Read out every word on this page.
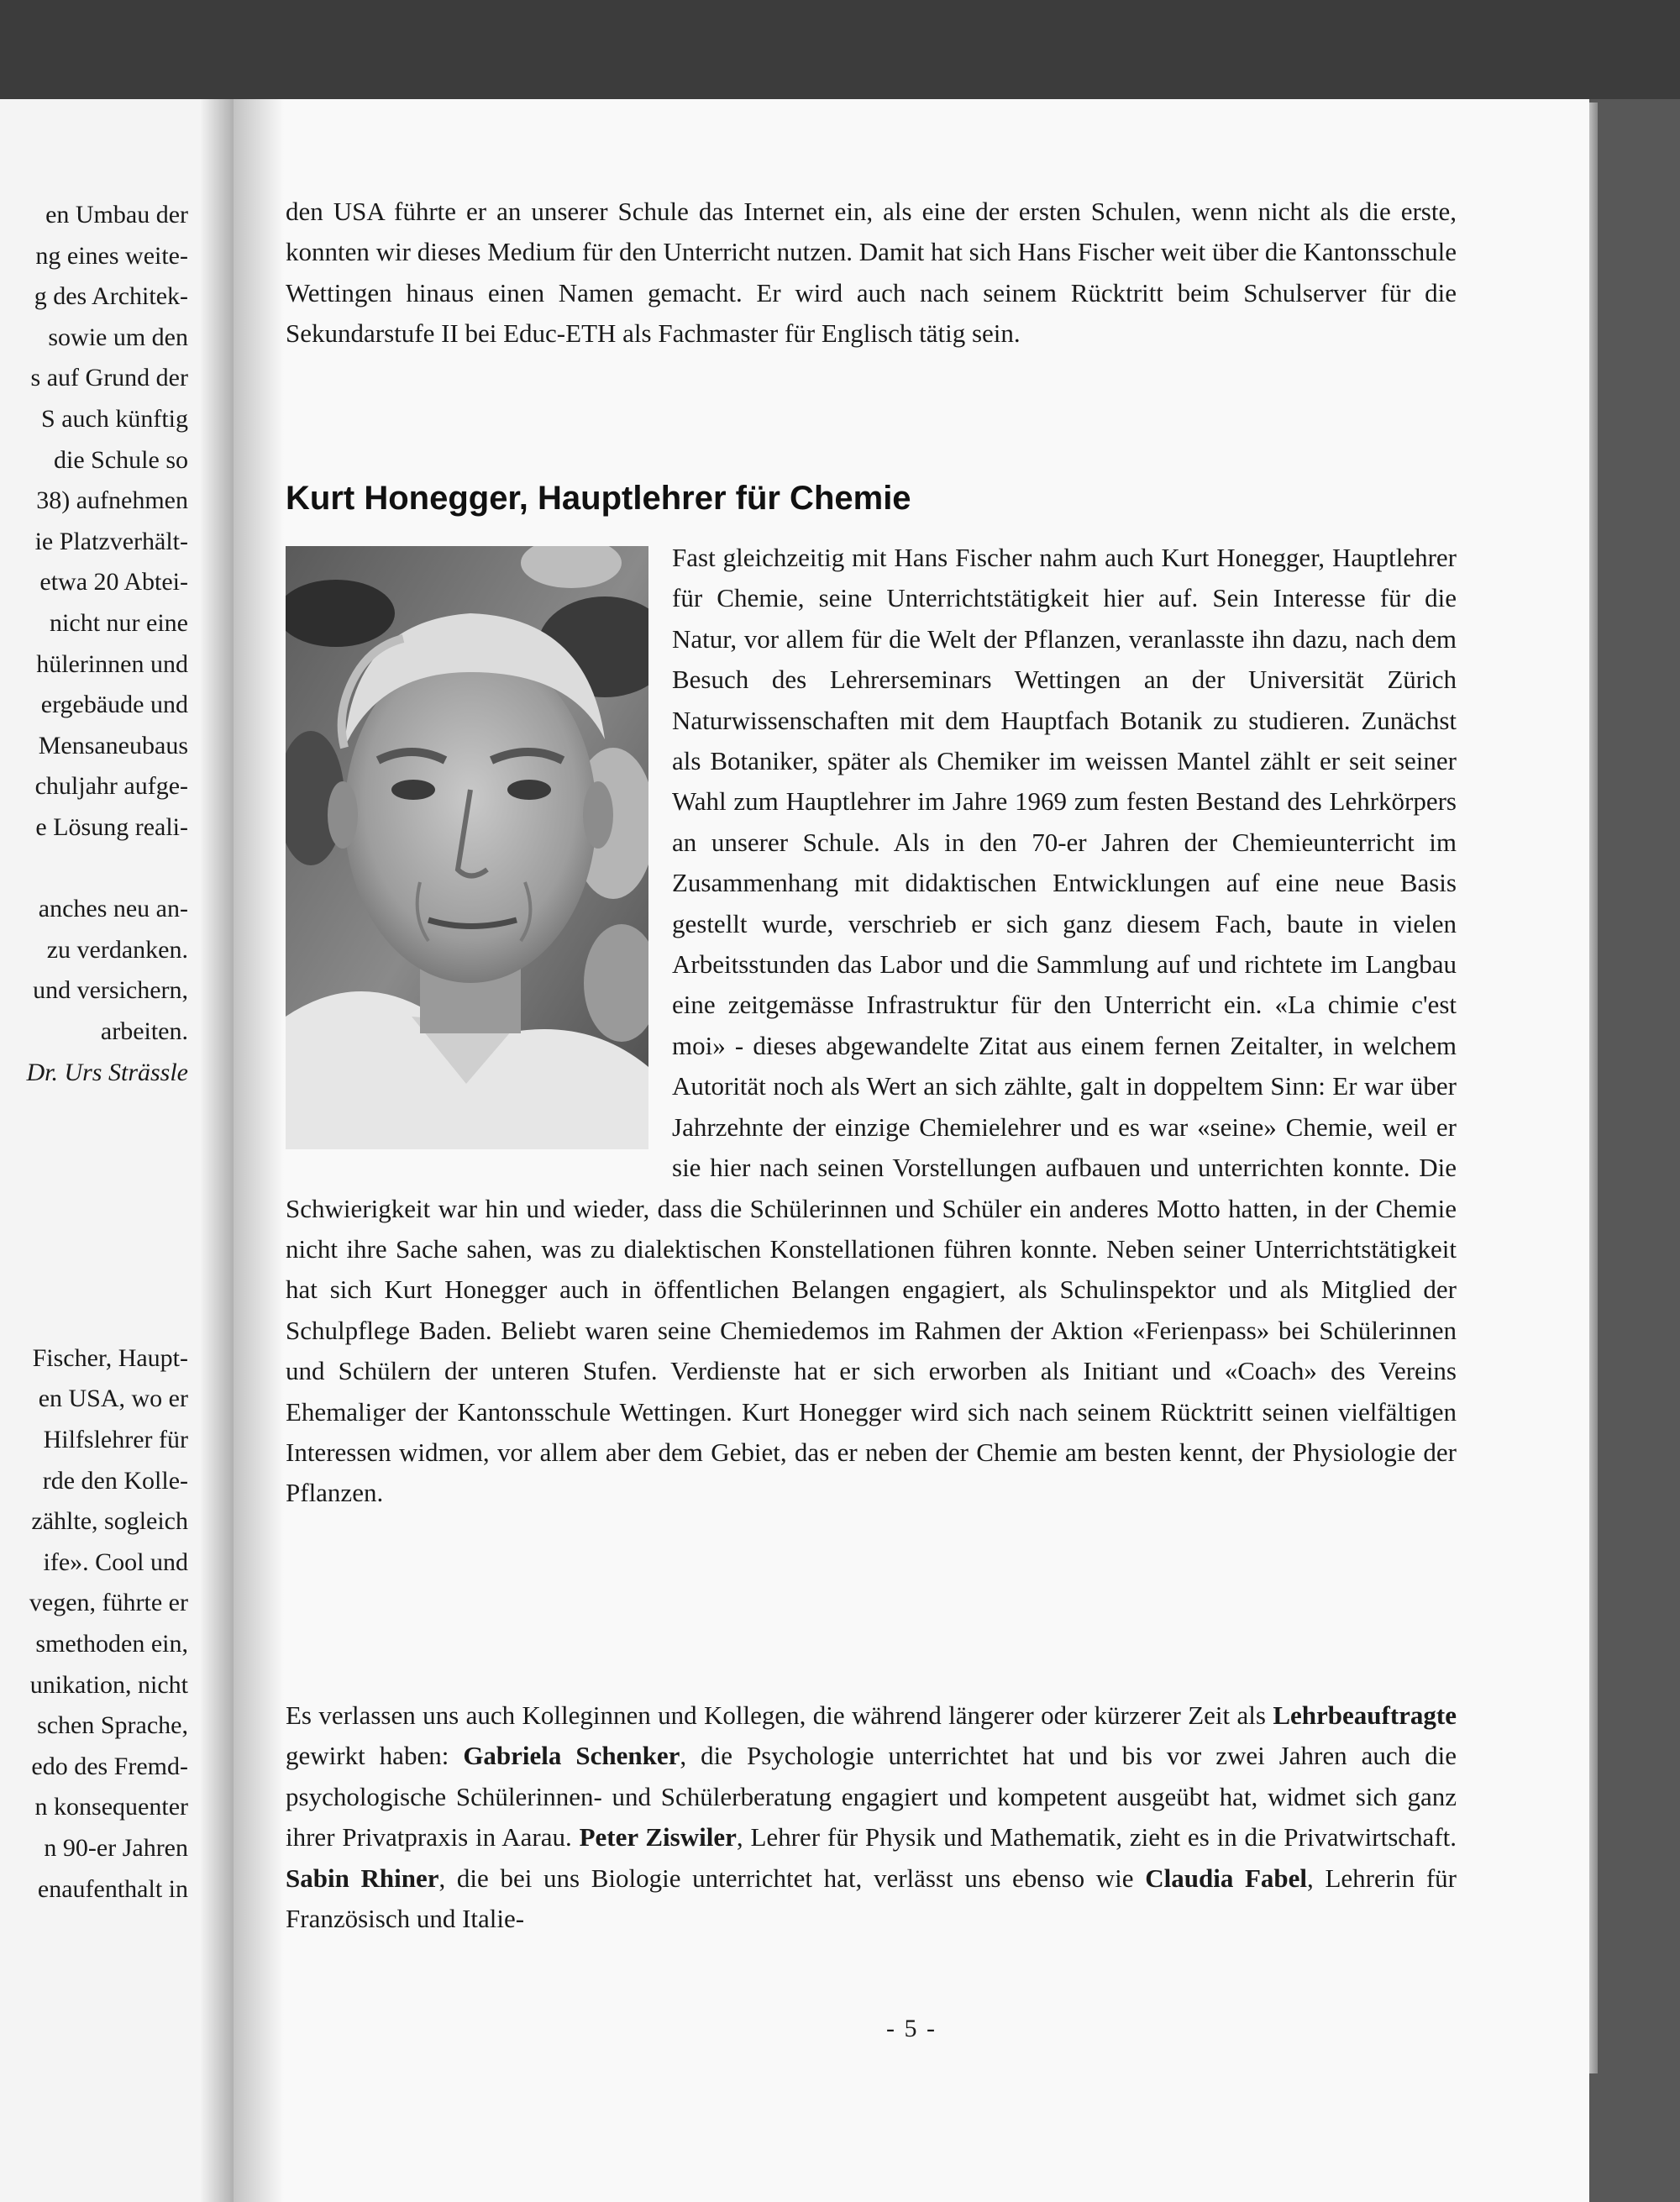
en Umbau der
ng eines weite-
g des Architek-
sowie um den
s auf Grund der
S auch künftig
die Schule so
38) aufnehmen
ie Platzverhält-
etwa 20 Abtei-
nicht nur eine
hülerinnen und
ergebäude und
Mensaneubaus
chuljahr aufge-
e Lösung reali-
anches neu an-
zu verdanken.
und versichern,
arbeiten.
Dr. Urs Strässle
Fischer, Haupt-
en USA, wo er
Hilfslehrer für
rde den Kolle-
zählte, sogleich
ife». Cool und
vegen, führte er
smethoden ein,
unikation, nicht
schen Sprache,
edo des Fremd-
n konsequenter
n 90-er Jahren
enaufenthalt in
den USA führte er an unserer Schule das Internet ein, als eine der ersten Schulen, wenn nicht als die erste, konnten wir dieses Medium für den Unterricht nutzen. Damit hat sich Hans Fischer weit über die Kantonsschule Wettingen hinaus einen Namen gemacht. Er wird auch nach seinem Rücktritt beim Schulserver für die Sekundarstufe II bei Educ-ETH als Fachmaster für Englisch tätig sein.
Kurt Honegger, Hauptlehrer für Chemie
Fast gleichzeitig mit Hans Fischer nahm auch Kurt Honegger, Hauptlehrer für Chemie, seine Unterrichtstätigkeit hier auf. Sein Interesse für die Natur, vor allem für die Welt der Pflanzen, veranlasste ihn dazu, nach dem Besuch des Lehrerseminars Wettingen an der Universität Zürich Naturwissenschaften mit dem Hauptfach Botanik zu studieren. Zunächst als Botaniker, später als Chemiker im weissen Mantel zählt er seit seiner Wahl zum Hauptlehrer im Jahre 1969 zum festen Bestand des Lehrkörpers an unserer Schule. Als in den 70-er Jahren der Chemieunterricht im Zusammenhang mit didaktischen Entwicklungen auf eine neue Basis gestellt wurde, verschrieb er sich ganz diesem Fach, baute in vielen Arbeitsstunden das Labor und die Sammlung auf und richtete im Langbau eine zeitgemässe Infrastruktur für den Unterricht ein. «La chimie c'est moi» - dieses abgewandelte Zitat aus einem fernen Zeitalter, in welchem Autorität noch als Wert an sich zählte, galt in doppeltem Sinn: Er war über Jahrzehnte der einzige Chemielehrer und es war «seine» Chemie, weil er sie hier nach seinen Vorstellungen aufbauen und unterrichten konnte. Die Schwierigkeit war hin und wieder, dass die Schülerinnen und Schüler ein anderes Motto hatten, in der Chemie nicht ihre Sache sahen, was zu dialektischen Konstellationen führen konnte. Neben seiner Unterrichtstätigkeit hat sich Kurt Honegger auch in öffentlichen Belangen engagiert, als Schulinspektor und als Mitglied der Schulpflege Baden. Beliebt waren seine Chemiedemos im Rahmen der Aktion «Ferienpass» bei Schülerinnen und Schülern der unteren Stufen. Verdienste hat er sich erworben als Initiant und «Coach» des Vereins Ehemaliger der Kantonsschule Wettingen. Kurt Honegger wird sich nach seinem Rücktritt seinen vielfältigen Interessen widmen, vor allem aber dem Gebiet, das er neben der Chemie am besten kennt, der Physiologie der Pflanzen.
Es verlassen uns auch Kolleginnen und Kollegen, die während längerer oder kürzerer Zeit als Lehrbeauftragte gewirkt haben: Gabriela Schenker, die Psychologie unterrichtet hat und bis vor zwei Jahren auch die psychologische Schülerinnen- und Schülerberatung engagiert und kompetent ausgeübt hat, widmet sich ganz ihrer Privatpraxis in Aarau. Peter Ziswiler, Lehrer für Physik und Mathematik, zieht es in die Privatwirtschaft. Sabin Rhiner, die bei uns Biologie unterrichtet hat, verlässt uns ebenso wie Claudia Fabel, Lehrerin für Französisch und Italie-
- 5 -
